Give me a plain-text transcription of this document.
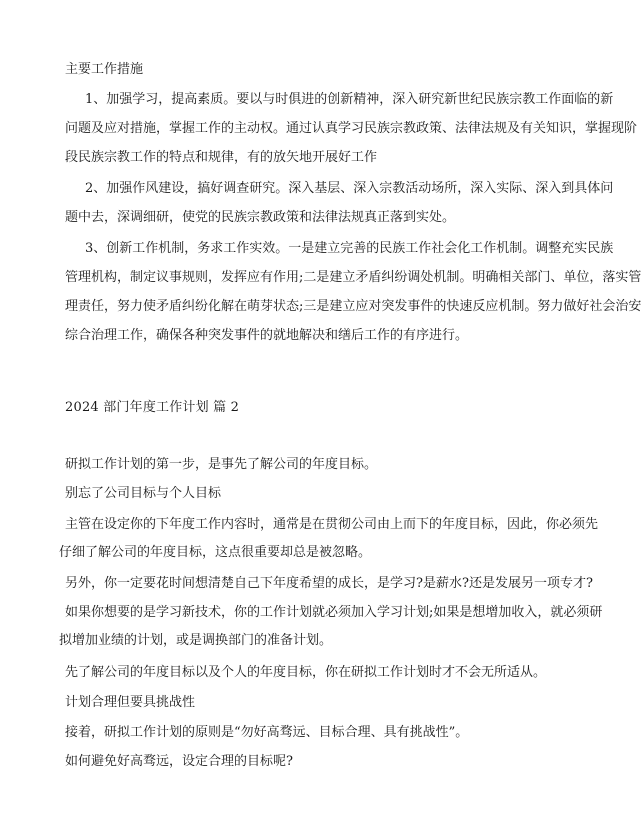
主要工作措施
1、加强学习，提高素质。要以与时俱进的创新精神，深入研究新世纪民族宗教工作面临的新
问题及应对措施，掌握工作的主动权。通过认真学习民族宗教政策、法律法规及有关知识，掌握现阶
段民族宗教工作的特点和规律，有的放矢地开展好工作
2、加强作风建设，搞好调查研究。深入基层、深入宗教活动场所，深入实际、深入到具体问
题中去，深调细研，使党的民族宗教政策和法律法规真正落到实处。
3、创新工作机制，务求工作实效。一是建立完善的民族工作社会化工作机制。调整充实民族
管理机构，制定议事规则，发挥应有作用;二是建立矛盾纠纷调处机制。明确相关部门、单位，落实管
理责任，努力使矛盾纠纷化解在萌芽状态;三是建立应对突发事件的快速反应机制。努力做好社会治安
综合治理工作，确保各种突发事件的就地解决和缮后工作的有序进行。
2024 部门年度工作计划 篇 2
研拟工作计划的第一步，是事先了解公司的年度目标。
别忘了公司目标与个人目标
主管在设定你的下年度工作内容时，通常是在贯彻公司由上而下的年度目标，因此，你必须先
仔细了解公司的年度目标，这点很重要却总是被忽略。
另外，你一定要花时间想清楚自己下年度希望的成长，是学习?是薪水?还是发展另一项专才?
如果你想要的是学习新技术，你的工作计划就必须加入学习计划;如果是想增加收入，就必须研
拟增加业绩的计划，或是调换部门的准备计划。
先了解公司的年度目标以及个人的年度目标，你在研拟工作计划时才不会无所适从。
计划合理但要具挑战性
接着，研拟工作计划的原则是“勿好高骛远、目标合理、具有挑战性”。
如何避免好高骛远，设定合理的目标呢?
